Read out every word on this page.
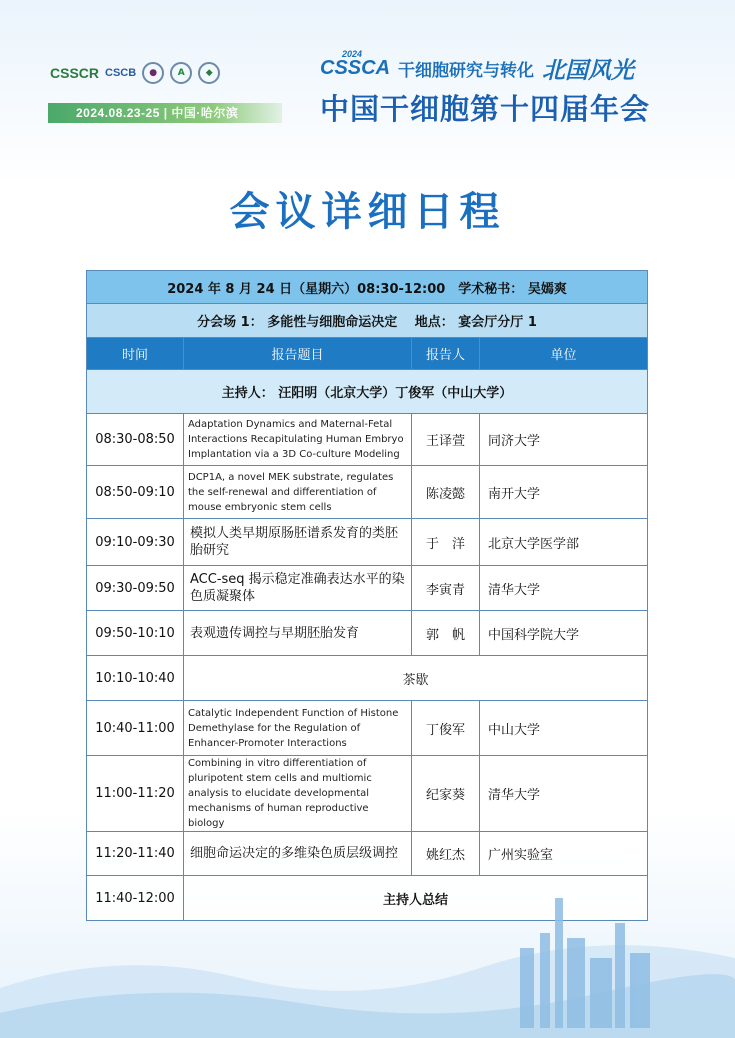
CSSCR CSCB	●	A	◆
2024.08.23-25 | 中国·哈尔滨
2024
CSSCA 干细胞研究与转化 北国风光
中国干细胞第十四届年会
会议详细日程
2024 年 8 月 24 日（星期六）08:30-12:00　学术秘书： 吴嫣爽			
分会场 1： 多能性与细胞命运决定　 地点： 宴会厅分厅 1			
时间	报告题目	报告人	单位
主持人： 汪阳明（北京大学）丁俊军（中山大学）			
08:30-08:50	Adaptation Dynamics and Maternal-Fetal Interactions Recapitulating Human Embryo Implantation via a 3D Co-culture Modeling	王译萱	同济大学
08:50-09:10	DCP1A, a novel MEK substrate, regulates the self-renewal and differentiation of mouse embryonic stem cells	陈凌懿	南开大学
09:10-09:30	模拟人类早期原肠胚谱系发育的类胚胎研究	于　洋	北京大学医学部
09:30-09:50	ACC-seq 揭示稳定准确表达水平的染色质凝聚体	李寅青	清华大学
09:50-10:10	表观遗传调控与早期胚胎发育	郭　帆	中国科学院大学
10:10-10:40	茶歇		
10:40-11:00	Catalytic Independent Function of Histone Demethylase for the Regulation of Enhancer-Promoter Interactions	丁俊军	中山大学
11:00-11:20	Combining in vitro differentiation of pluripotent stem cells and multiomic analysis to elucidate developmental mechanisms of human reproductive biology	纪家葵	清华大学
11:20-11:40	细胞命运决定的多维染色质层级调控	姚红杰	广州实验室
11:40-12:00	主持人总结		
